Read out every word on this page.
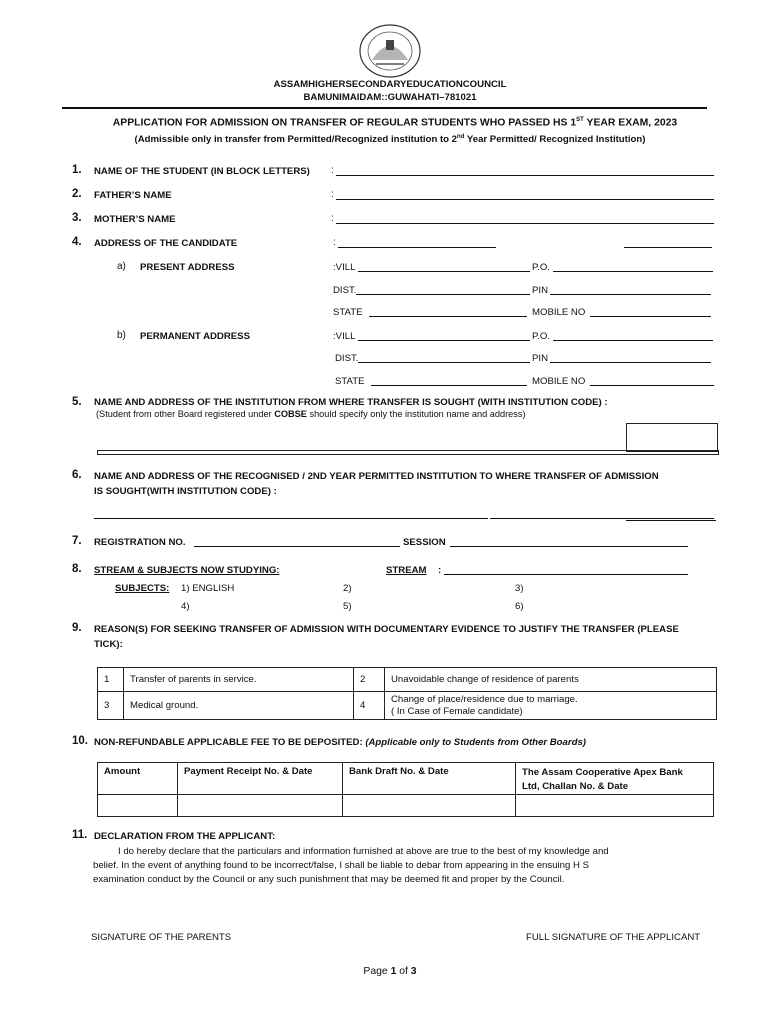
ASSAMHIGHERSECONDARYEDUCATIONCOUNCIL
BAMUNIMAIDAM::GUWAHATI–781021
APPLICATION FOR ADMISSION ON TRANSFER OF REGULAR STUDENTS WHO PASSED HS 1ST YEAR EXAM, 2023
(Admissible only in transfer from Permitted/Recognized institution to 2nd Year Permitted/ Recognized Institution)
1. NAME OF THE STUDENT (IN BLOCK LETTERS) :
2. FATHER’S NAME	:
3. MOTHER’S NAME	:
4. ADDRESS OF THE CANDIDATE	:
a) PRESENT ADDRESS	:VILL	P.O.
DIST.	PIN
STATE	MOBILE NO
b) PERMANENT ADDRESS	:VILL	P.O.
DIST.	PIN
STATE	MOBILE NO
5. NAME AND ADDRESS OF THE INSTITUTION FROM WHERE TRANSFER IS SOUGHT (WITH INSTITUTION CODE) :
(Student from other Board registered under COBSE should specify only the institution name and address)
6. NAME AND ADDRESS OF THE RECOGNISED / 2ND YEAR PERMITTED INSTITUTION TO WHERE TRANSFER OF ADMISSION
IS SOUGHT(WITH INSTITUTION CODE) :
7. REGISTRATION NO.	SESSION
8. STREAM & SUBJECTS NOW STUDYING:	STREAM :
SUBJECTS: 1) ENGLISH	2)	3)
4)	5)	6)
9. REASON(S) FOR SEEKING TRANSFER OF ADMISSION WITH DOCUMENTARY EVIDENCE TO JUSTIFY THE TRANSFER (PLEASE
TICK):
1	Transfer of parents in service.	2	Unavoidable change of residence of parents
3	Medical ground.	4	Change of place/residence due to marriage.
( In Case of Female candidate)
10. NON-REFUNDABLE APPLICABLE FEE TO BE DEPOSITED: (Applicable only to Students from Other Boards)
Amount	Payment Receipt No. & Date	Bank Draft No. & Date	The Assam Cooperative Apex Bank
Ltd, Challan No. & Date

11. DECLARATION FROM THE APPLICANT:
I do hereby declare that the particulars and information furnished at above are true to the best of my knowledge and
belief. In the event of anything found to be incorrect/false, I shall be liable to debar from appearing in the ensuing H S
examination conduct by the Council or any such punishment that may be deemed fit and proper by the Council.
SIGNATURE OF THE PARENTS	FULL SIGNATURE OF THE APPLICANT
Page 1 of 3
